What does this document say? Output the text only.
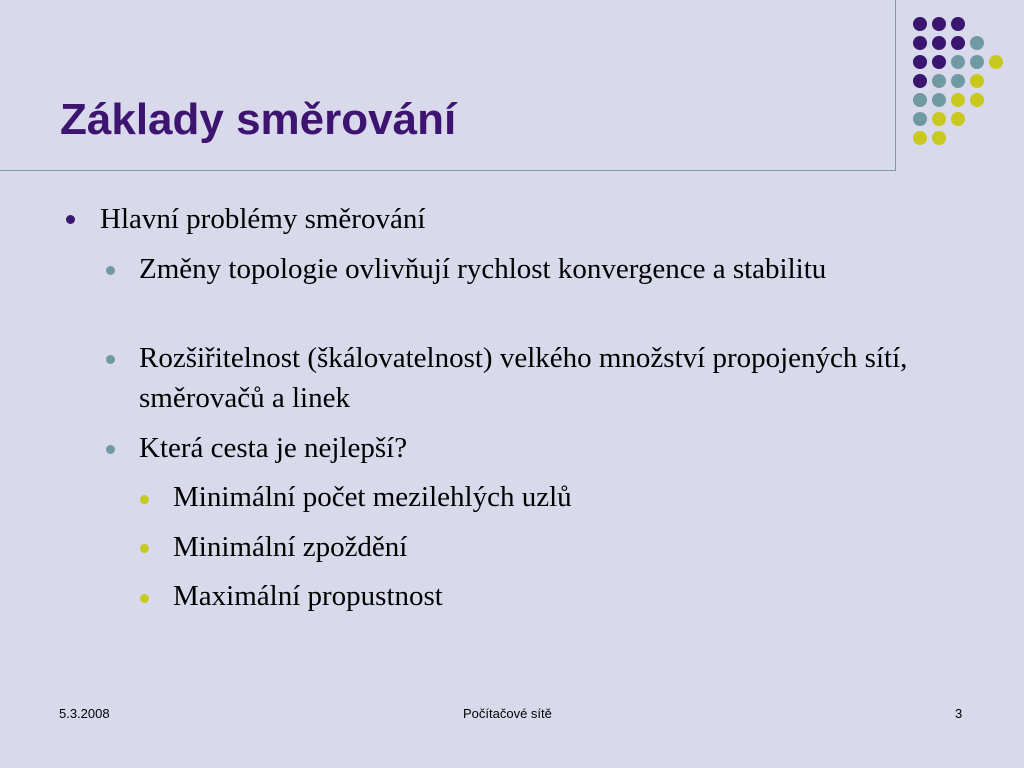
Základy směrování
Hlavní problémy směrování
Změny topologie ovlivňují rychlost konvergence a stabilitu
Rozšiřitelnost (škálovatelnost) velkého množství propojených sítí, směrovačů a linek
Která cesta je nejlepší?
Minimální počet mezilehlých uzlů
Minimální zpoždění
Maximální propustnost
5.3.2008	Počítačové sítě	3
